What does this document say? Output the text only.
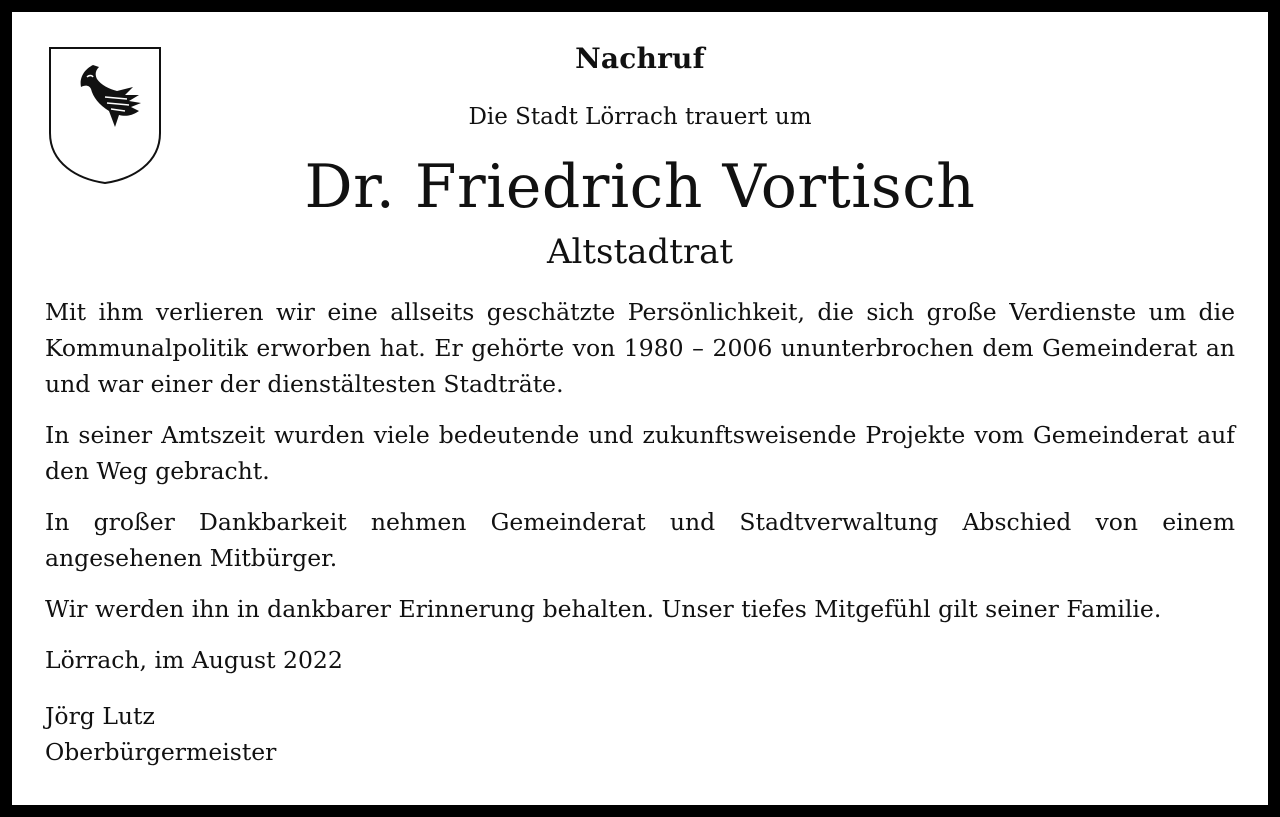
Nachruf
Die Stadt Lörrach trauert um
Dr. Friedrich Vortisch
Altstadtrat

Mit ihm verlieren wir eine allseits geschätzte Persönlichkeit, die sich große Verdienste um die Kommunalpolitik erworben hat. Er gehörte von 1980 – 2006 ununterbrochen dem Gemeinderat an und war einer der dienstältesten Stadträte.

In seiner Amtszeit wurden viele bedeutende und zukunftsweisende Projekte vom Gemeinderat auf den Weg gebracht.

In großer Dankbarkeit nehmen Gemeinderat und Stadtverwaltung Abschied von einem angesehenen Mitbürger.

Wir werden ihn in dankbarer Erinnerung behalten. Unser tiefes Mitgefühl gilt seiner Familie.

Lörrach, im August 2022

Jörg Lutz
Oberbürgermeister
